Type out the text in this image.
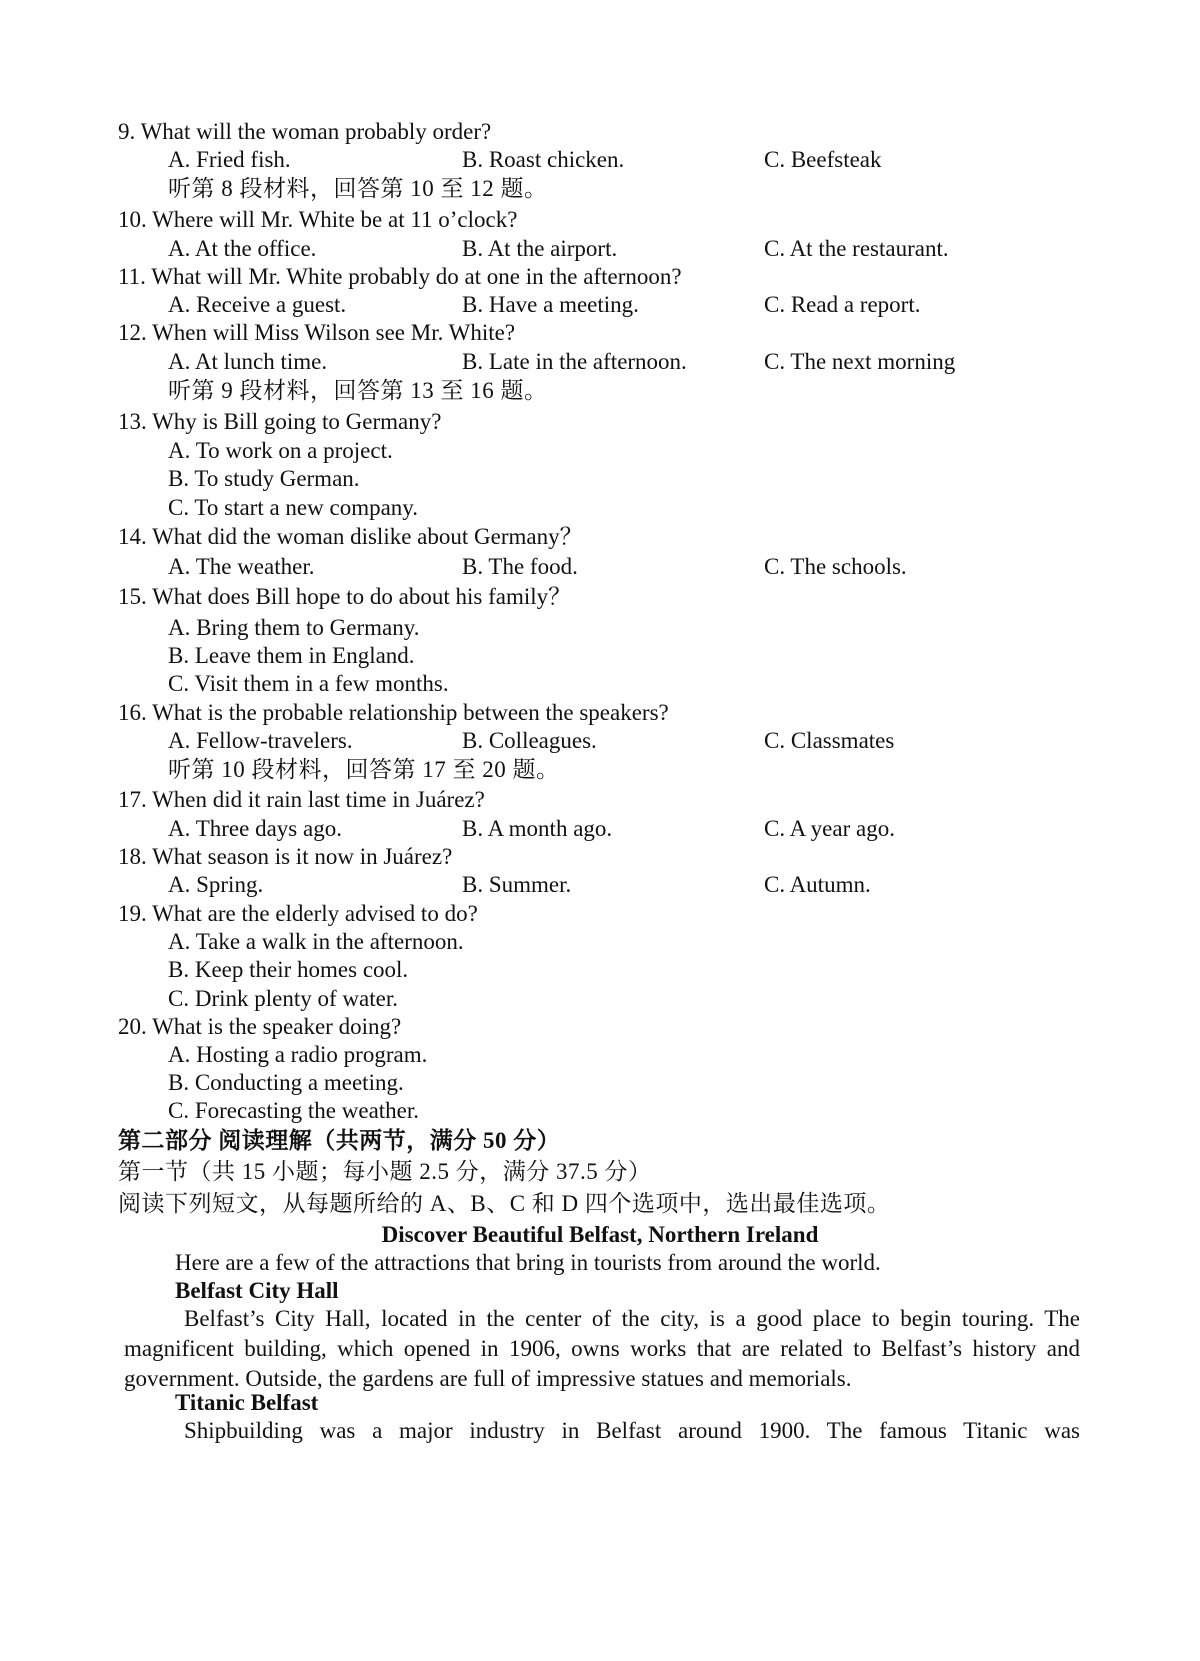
9. What will the woman probably order?
A. Fried fish.	B. Roast chicken.	C. Beefsteak
听第 8 段材料，回答第 10 至 12 题。
10. Where will Mr. White be at 11 o’clock?
A. At the office.	B. At the airport.	C. At the restaurant.
11. What will Mr. White probably do at one in the afternoon?
A. Receive a guest.	B. Have a meeting.	C. Read a report.
12. When will Miss Wilson see Mr. White?
A. At lunch time.	B. Late in the afternoon.	C. The next morning
听第 9 段材料，回答第 13 至 16 题。
13. Why is Bill going to Germany?
A. To work on a project.
B. To study German.
C. To start a new company.
14. What did the woman dislike about Germany？
A. The weather.	B. The food.	C. The schools.
15. What does Bill hope to do about his family？
A. Bring them to Germany.
B. Leave them in England.
C. Visit them in a few months.
16. What is the probable relationship between the speakers?
A. Fellow-travelers.	B. Colleagues.	C. Classmates
听第 10 段材料，回答第 17 至 20 题。
17. When did it rain last time in Juárez?
A. Three days ago.	B. A month ago.	C. A year ago.
18. What season is it now in Juárez?
A. Spring.	B. Summer.	C. Autumn.
19. What are the elderly advised to do?
A. Take a walk in the afternoon.
B. Keep their homes cool.
C. Drink plenty of water.
20. What is the speaker doing?
A. Hosting a radio program.
B. Conducting a meeting.
C. Forecasting the weather.
第二部分 阅读理解（共两节，满分 50 分）
第一节（共 15 小题；每小题 2.5 分，满分 37.5 分）
阅读下列短文，从每题所给的 A、B、C 和 D 四个选项中，选出最佳选项。
Discover Beautiful Belfast, Northern Ireland
Here are a few of the attractions that bring in tourists from around the world.
Belfast City Hall
Belfast’s City Hall, located in the center of the city, is a good place to begin touring. The magnificent building, which opened in 1906, owns works that are related to Belfast’s history and government. Outside, the gardens are full of impressive statues and memorials.
Titanic Belfast
Shipbuilding was a major industry in Belfast around 1900. The famous Titanic was
